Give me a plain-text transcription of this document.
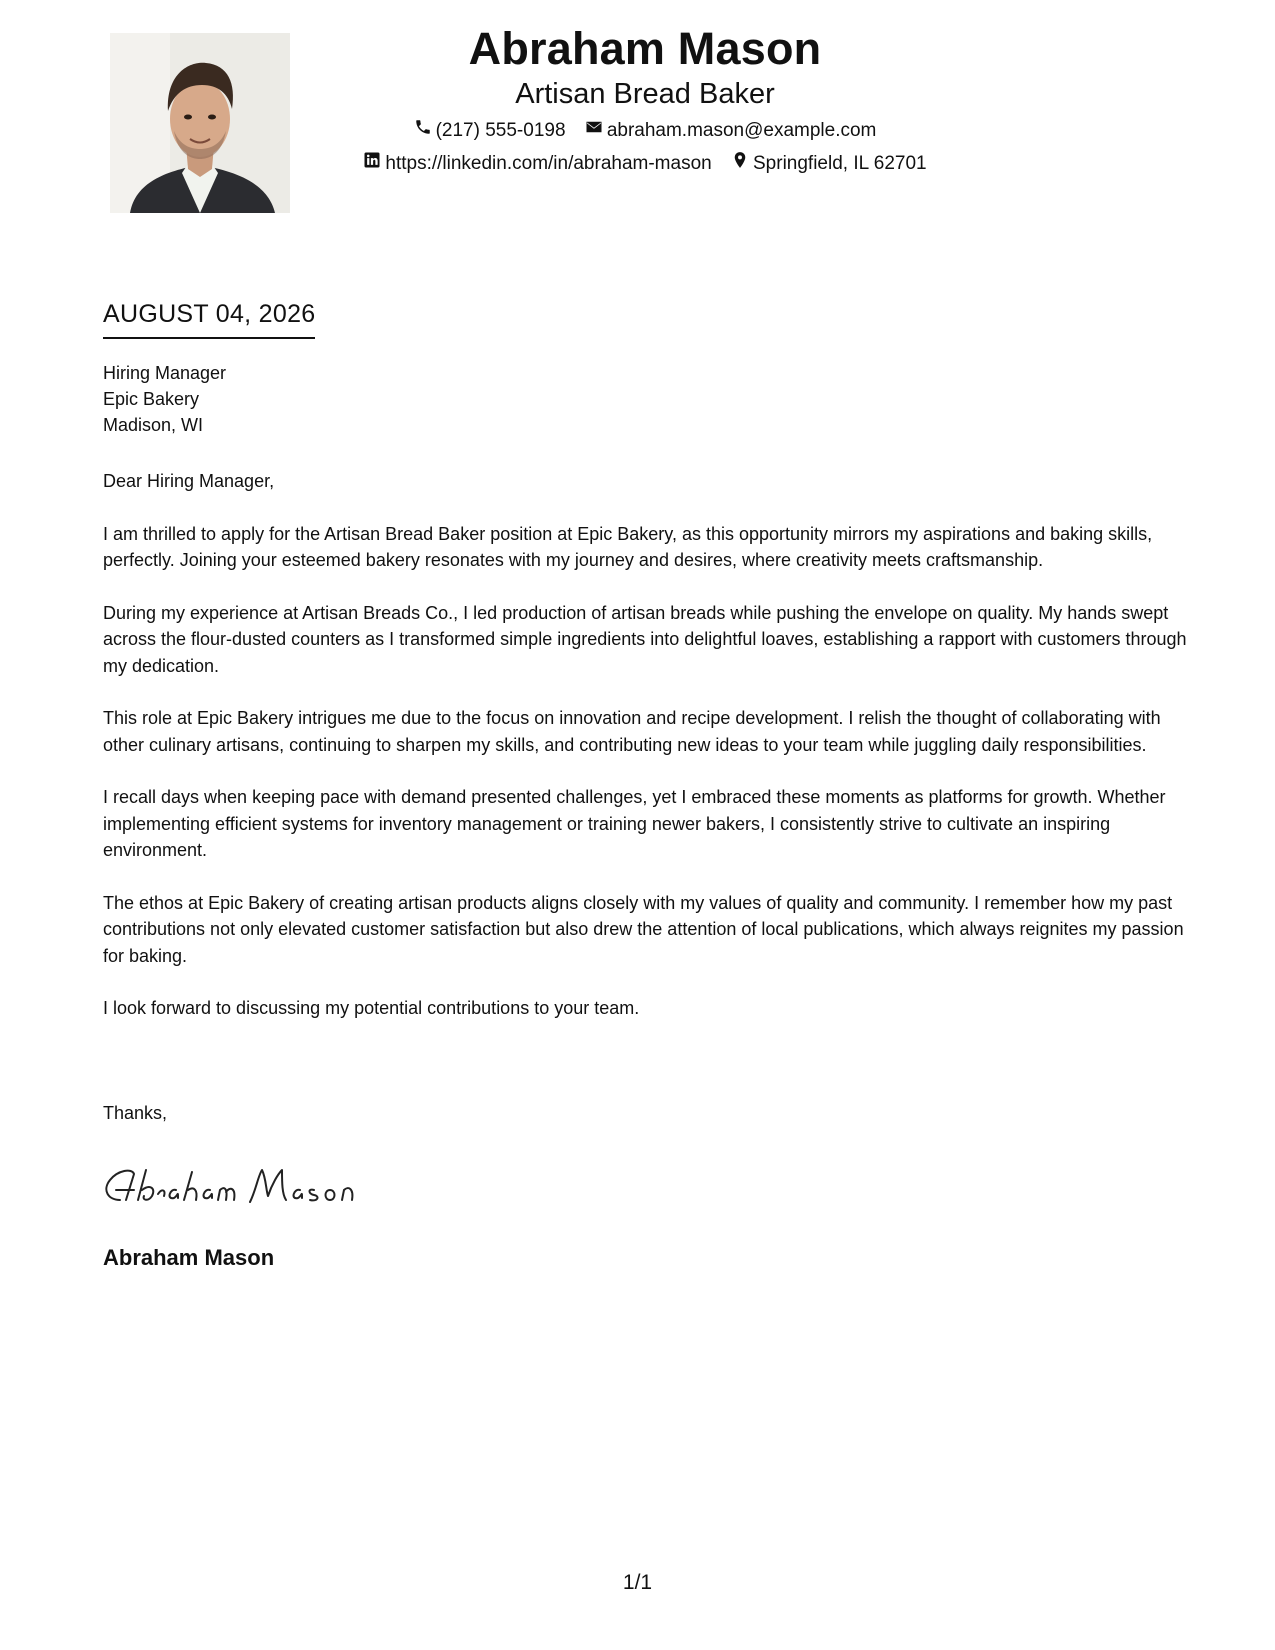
Abraham Mason
Artisan Bread Baker
(217) 555-0198
abraham.mason@example.com
https://linkedin.com/in/abraham-mason
Springfield, IL 62701
AUGUST 04, 2026
Hiring Manager
Epic Bakery
Madison, WI

Dear Hiring Manager,

I am thrilled to apply for the Artisan Bread Baker position at Epic Bakery, as this opportunity mirrors my aspirations and baking skills, perfectly. Joining your esteemed bakery resonates with my journey and desires, where creativity meets craftsmanship.

During my experience at Artisan Breads Co., I led production of artisan breads while pushing the envelope on quality. My hands swept across the flour-dusted counters as I transformed simple ingredients into delightful loaves, establishing a rapport with customers through my dedication.

This role at Epic Bakery intrigues me due to the focus on innovation and recipe development. I relish the thought of collaborating with other culinary artisans, continuing to sharpen my skills, and contributing new ideas to your team while juggling daily responsibilities.

I recall days when keeping pace with demand presented challenges, yet I embraced these moments as platforms for growth. Whether implementing efficient systems for inventory management or training newer bakers, I consistently strive to cultivate an inspiring environment.

The ethos at Epic Bakery of creating artisan products aligns closely with my values of quality and community. I remember how my past contributions not only elevated customer satisfaction but also drew the attention of local publications, which always reignites my passion for baking.

I look forward to discussing my potential contributions to your team.

Thanks,
Abraham Mason
1/1
